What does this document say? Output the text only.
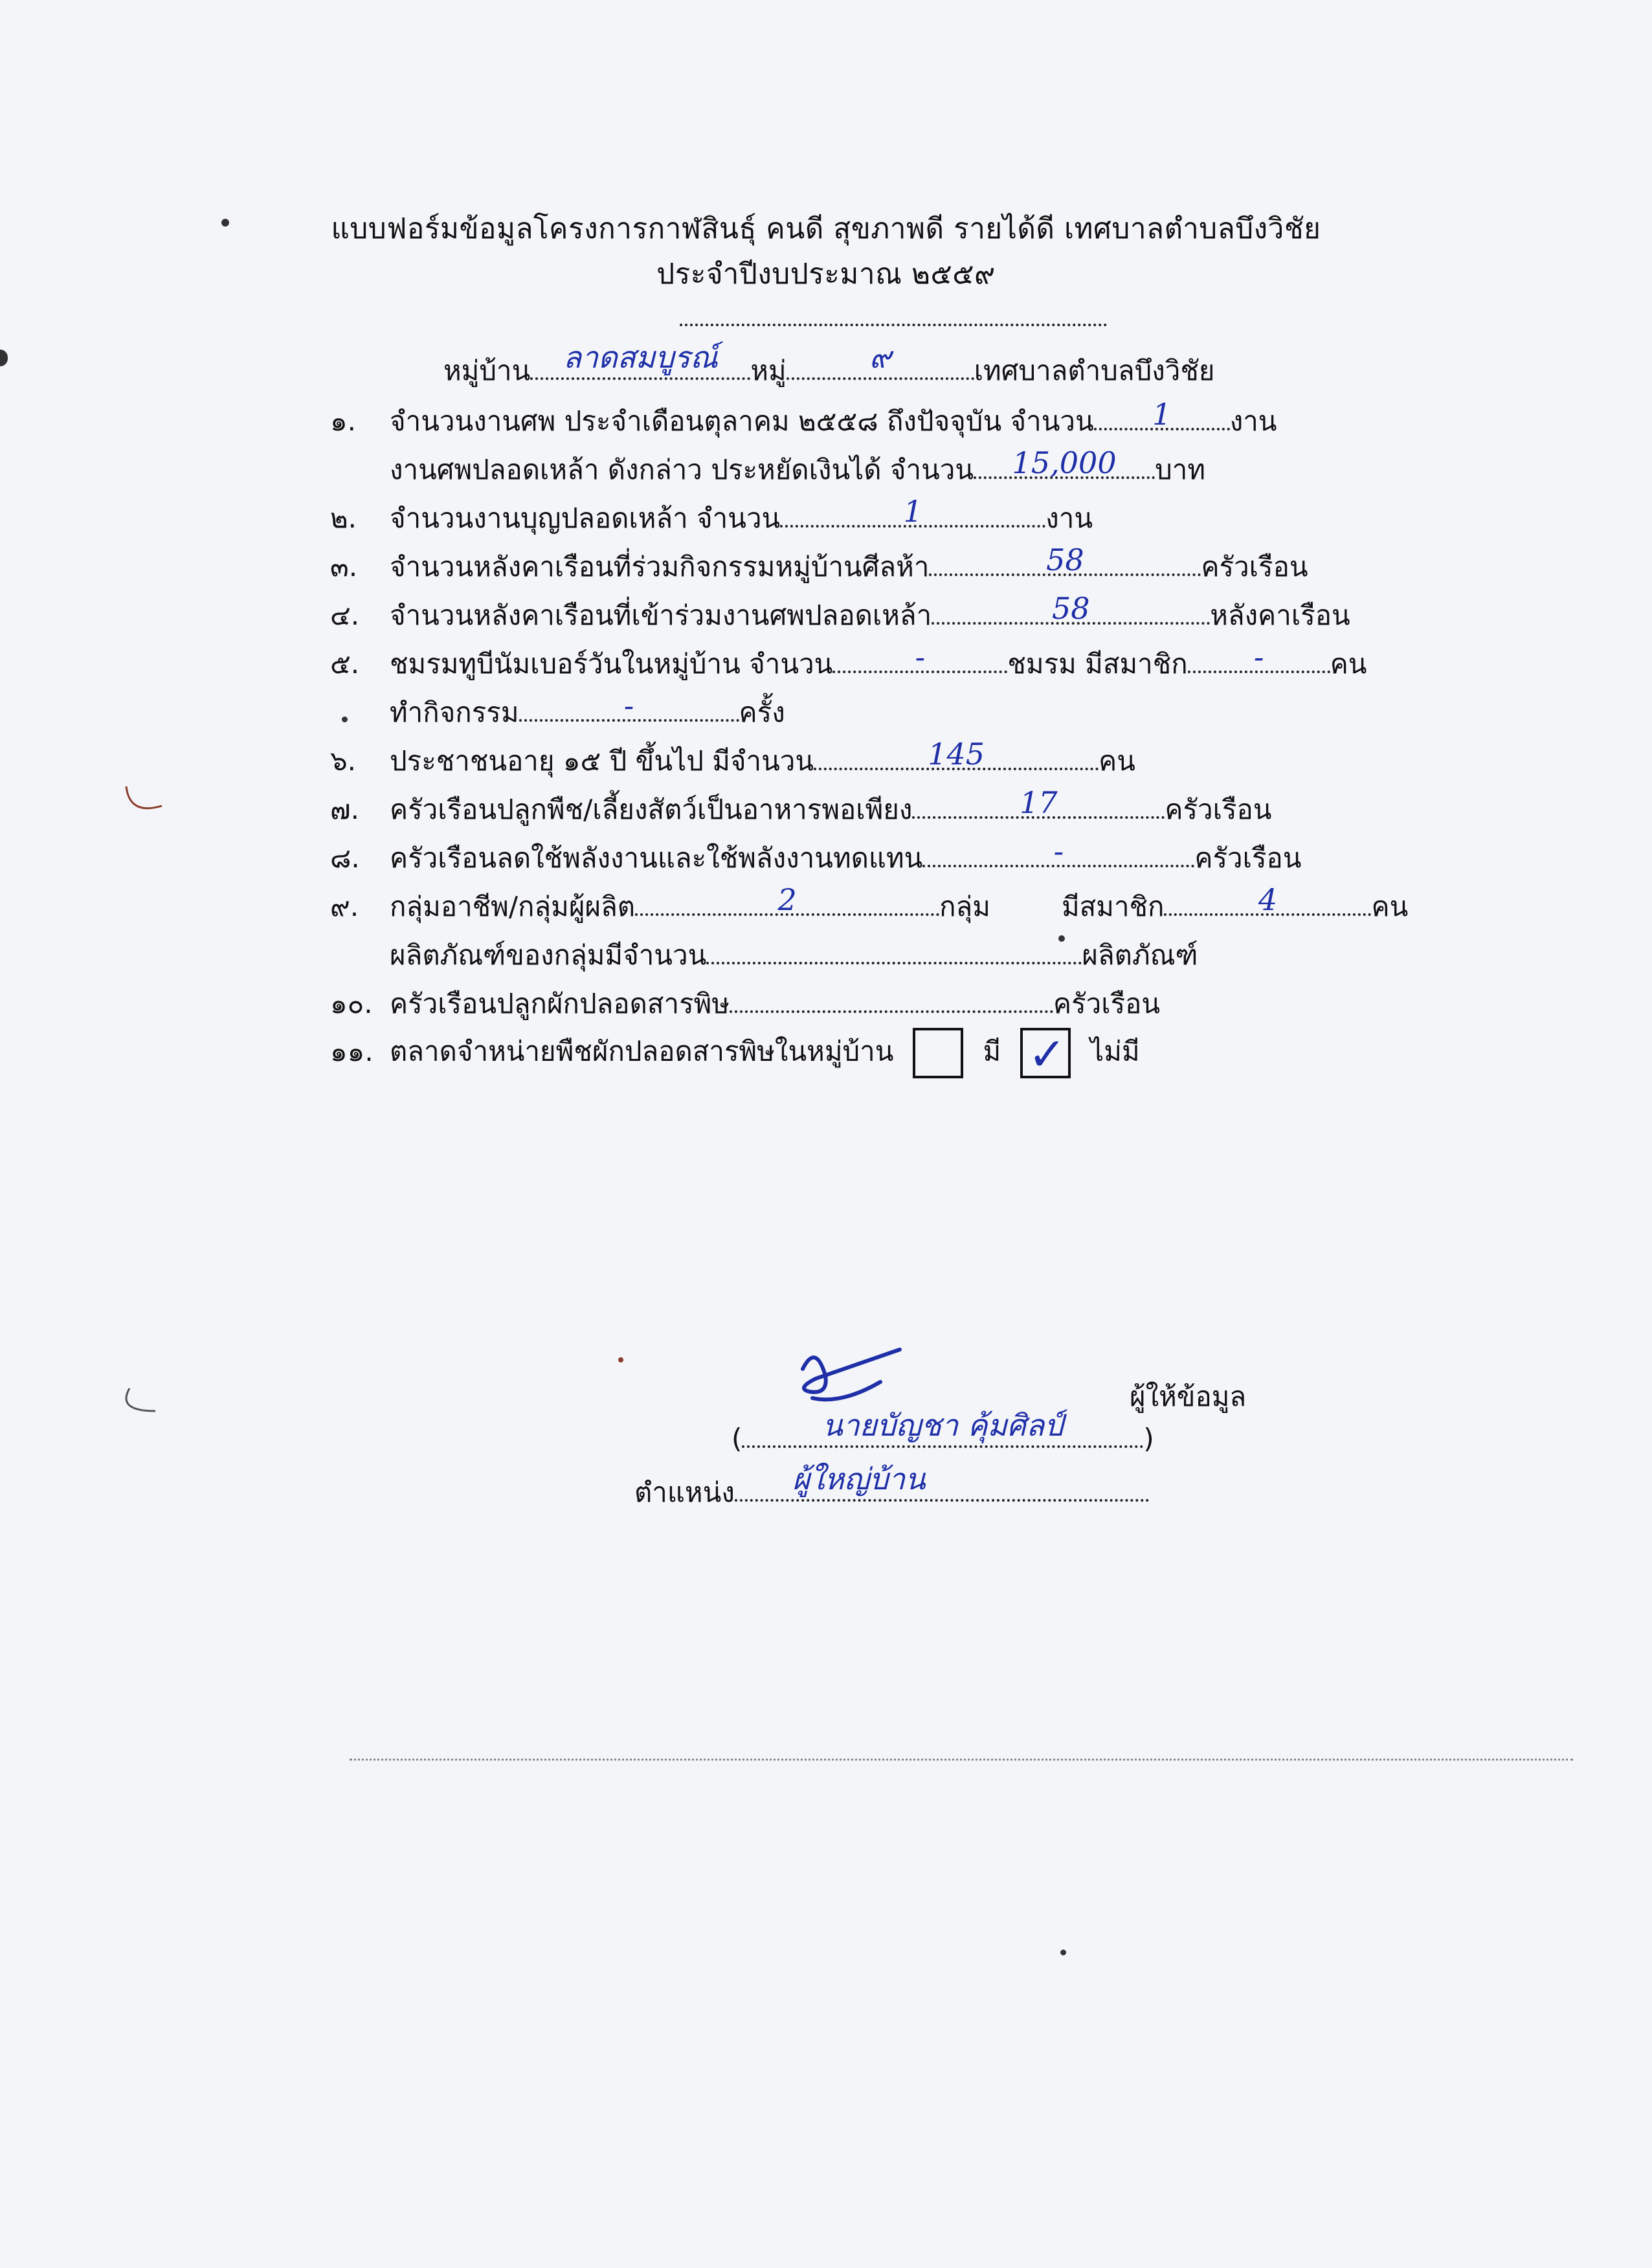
แบบฟอร์มข้อมูลโครงการกาฬสินธุ์ คนดี สุขภาพดี รายได้ดี เทศบาลตำบลบึงวิชัย
ประจำปีงบประมาณ ๒๕๕๙
หมู่บ้าน ลาดสมบูรณ์ หมู่	๙	เทศบาลตำบลบึงวิชัย
๑. จำนวนงานศพ ประจำเดือนตุลาคม ๒๕๕๘ ถึงปัจจุบัน จำนวน 1 งาน
งานศพปลอดเหล้า ดังกล่าว ประหยัดเงินได้ จำนวน 15,000 บาท
๒. จำนวนงานบุญปลอดเหล้า จำนวน	1	งาน
๓. จำนวนหลังคาเรือนที่ร่วมกิจกรรมหมู่บ้านศีลห้า	58	ครัวเรือน
๔. จำนวนหลังคาเรือนที่เข้าร่วมงานศพปลอดเหล้า	58	หลังคาเรือน
๕. ชมรมทูบีนัมเบอร์วันในหมู่บ้าน จำนวน	-	ชมรม มีสมาชิก - คน
ทำกิจกรรม	-	ครั้ง
๖. ประชาชนอายุ ๑๕ ปี ขึ้นไป มีจำนวน	145	คน
๗. ครัวเรือนปลูกพืช/เลี้ยงสัตว์เป็นอาหารพอเพียง	17	ครัวเรือน
๘. ครัวเรือนลดใช้พลังงานและใช้พลังงานทดแทน	-	ครัวเรือน
๙. กลุ่มอาชีพ/กลุ่มผู้ผลิต	2	กลุ่ม	มีสมาชิก	4	คน
ผลิตภัณฑ์ของกลุ่มมีจำนวน	ผลิตภัณฑ์
๑๐. ครัวเรือนปลูกผักปลอดสารพิษ	ครัวเรือน
๑๑. ตลาดจำหน่ายพืชผักปลอดสารพิษในหมู่บ้าน	มี ✓ ไม่มี
ผู้ให้ข้อมูล
(	นายบัญชา คุ้มศิลป์	)
ตำแหน่ง ผู้ใหญ่บ้าน
